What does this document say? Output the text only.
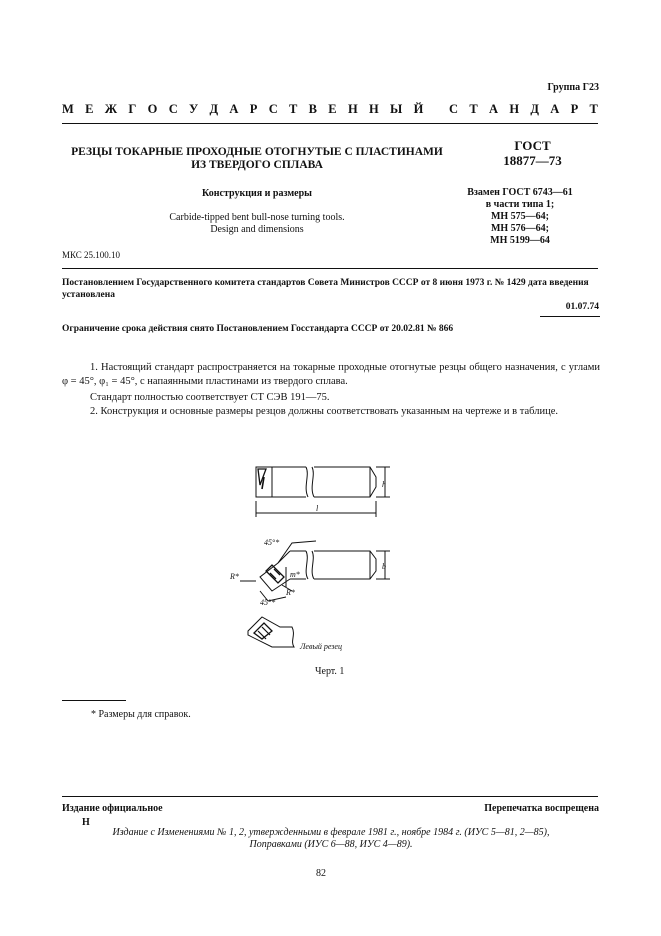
Группа Г23
М Е Ж Г О С У Д А Р С Т В Е Н Н Ы Й
С Т А Н Д А Р Т
РЕЗЦЫ ТОКАРНЫЕ ПРОХОДНЫЕ ОТОГНУТЫЕ С ПЛАСТИНАМИ
ИЗ ТВЕРДОГО СПЛАВА
ГОСТ
18877—73
Конструкция и размеры
Carbide-tipped bent bull-nose turning tools.
Design and dimensions
Взамен ГОСТ 6743—61
в части типа 1;
МН 575—64;
МН 576—64;
МН 5199—64
МКС 25.100.10
Постановлением Государственного комитета стандартов Совета Министров СССР от 8 июня 1973 г. № 1429 дата введения установлена
01.07.74
Ограничение срока действия снято Постановлением Госстандарта СССР от 20.02.81 № 866
1. Настоящий стандарт распространяется на токарные проходные отогнутые резцы общего назначения, с углами φ = 45°, φ₁ = 45°, с напаянными пластинами из твердого сплава.
Стандарт полностью соответствует СТ СЭВ 191—75.
2. Конструкция и основные размеры резцов должны соответствовать указанным на чертеже и в таблице.
h
l
b
45°*
45°*
R*
R*
m*
Левый резец
Черт. 1
* Размеры для справок.
Издание официальное	Перепечатка воспрещена
Н
Издание с Изменениями № 1, 2, утвержденными в феврале 1981 г., ноябре 1984 г. (ИУС 5—81, 2—85),
Поправками (ИУС 6—88, ИУС 4—89).
82
